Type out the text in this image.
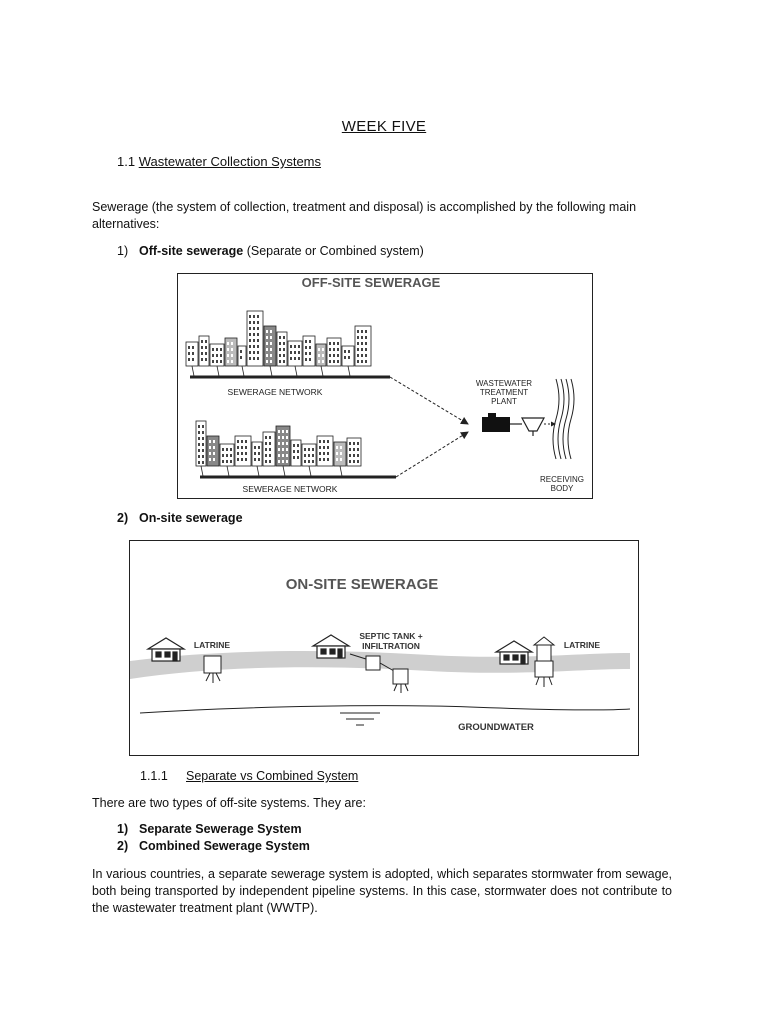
WEEK FIVE
1.1 Wastewater Collection Systems
Sewerage (the system of collection, treatment and disposal) is accomplished by the following main alternatives:
1) Off-site sewerage (Separate or Combined system)
OFF-SITE SEWERAGE
SEWERAGE NETWORK
SEWERAGE NETWORK
WASTEWATER
TREATMENT
PLANT
RECEIVING
BODY
2) On-site sewerage
ON-SITE SEWERAGE
GROUNDWATER
LATRINE
SEPTIC TANK +
INFILTRATION	LATRINE
1.1.1 Separate vs Combined System
There are two types of off-site systems. They are:
1) Separate Sewerage System
2) Combined Sewerage System
In various countries, a separate sewerage system is adopted, which separates stormwater from sewage, both being transported by independent pipeline systems. In this case, stormwater does not contribute to the wastewater treatment plant (WWTP).
